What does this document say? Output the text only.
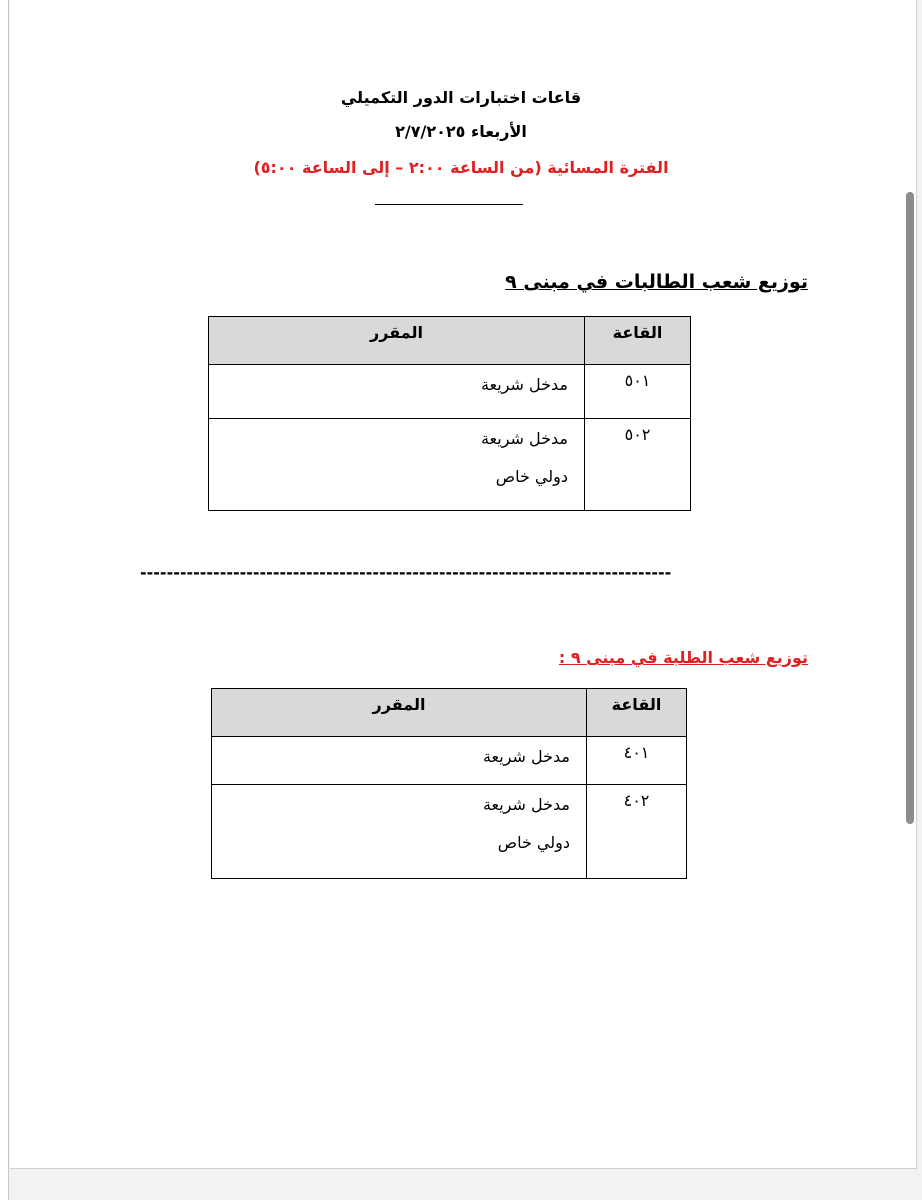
قاعات اختبارات الدور التكميلي
الأربعاء ٢/٧/٢٠٢٥
الفترة المسائية (من الساعة ٢:٠٠ – إلى الساعة ٥:٠٠)
توزيع شعب الطالبات في مبنى ٩
القاعة	المقرر
٥٠١	مدخل شريعة

٥٠٢	مدخل شريعة
دولي خاص
--------------------------------------------------------------------------------
توزيع شعب الطلبة في مبنى ٩ :
القاعة	المقرر
٤٠١	مدخل شريعة

٤٠٢	مدخل شريعة
دولي خاص
